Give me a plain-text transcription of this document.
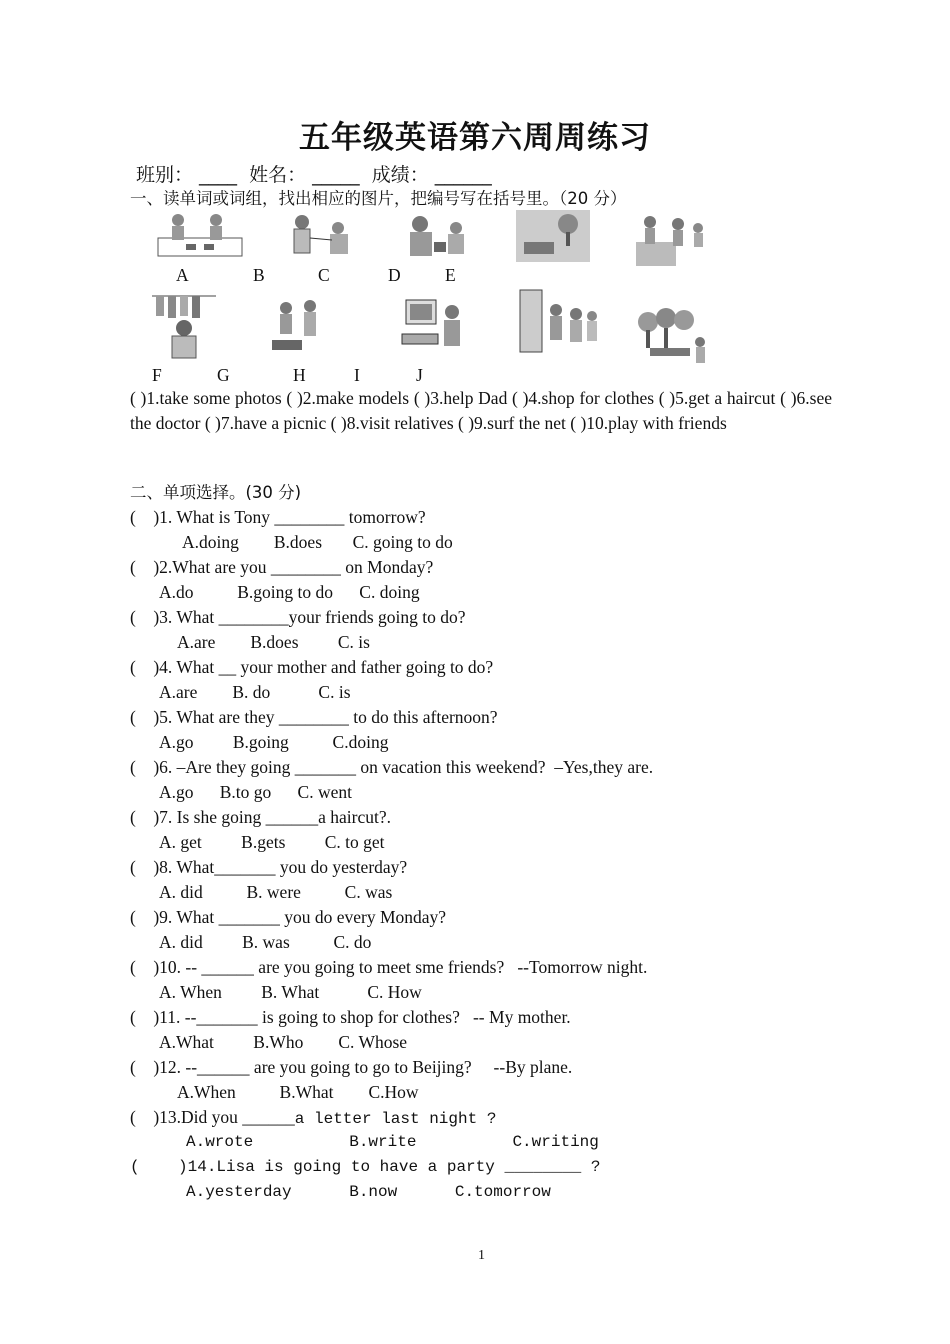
五年级英语第六周周练习
班别： ____  姓名： _____  成绩： ______
一、读单词或词组，找出相应的图片，把编号写在括号里。（20 分）
A	B	C	D	E
F	G	H	I	J
( )1.take some photos ( )2.make models ( )3.help Dad ( )4.shop for clothes ( )5.get a haircut ( )6.see the doctor ( )7.have a picnic ( )8.visit relatives ( )9.surf the net ( )10.play with friends
二、单项选择。(30 分)
(    )1. What is Tony ________ tomorrow?
A.doing        B.does       C. going to do
(    )2.What are you ________ on Monday?
A.do          B.going to do      C. doing
(    )3. What ________your friends going to do?
A.are        B.does         C. is
(    )4. What __ your mother and father going to do?
A.are        B. do           C. is
(    )5. What are they ________ to do this afternoon?
A.go         B.going          C.doing
(    )6. –Are they going _______ on vacation this weekend?  –Yes,they are.
A.go      B.to go      C. went
(    )7. Is she going ______a haircut?.
A. get         B.gets         C. to get
(    )8. What_______ you do yesterday?
A. did          B. were          C. was
(    )9. What _______ you do every Monday?
A. did         B. was          C. do
(    )10. -- ______ are you going to meet sme friends?   --Tomorrow night.
A. When         B. What           C. How
(    )11. --_______ is going to shop for clothes?   -- My mother.
A.What         B.Who        C. Whose
(    )12. --______ are you going to go to Beijing?     --By plane.
A.When          B.What        C.How
(    )13.Did you ______a letter last night ?
A.wrote          B.write          C.writing
(    )14.Lisa is going to have a party ________ ?
A.yesterday      B.now      C.tomorrow
1
